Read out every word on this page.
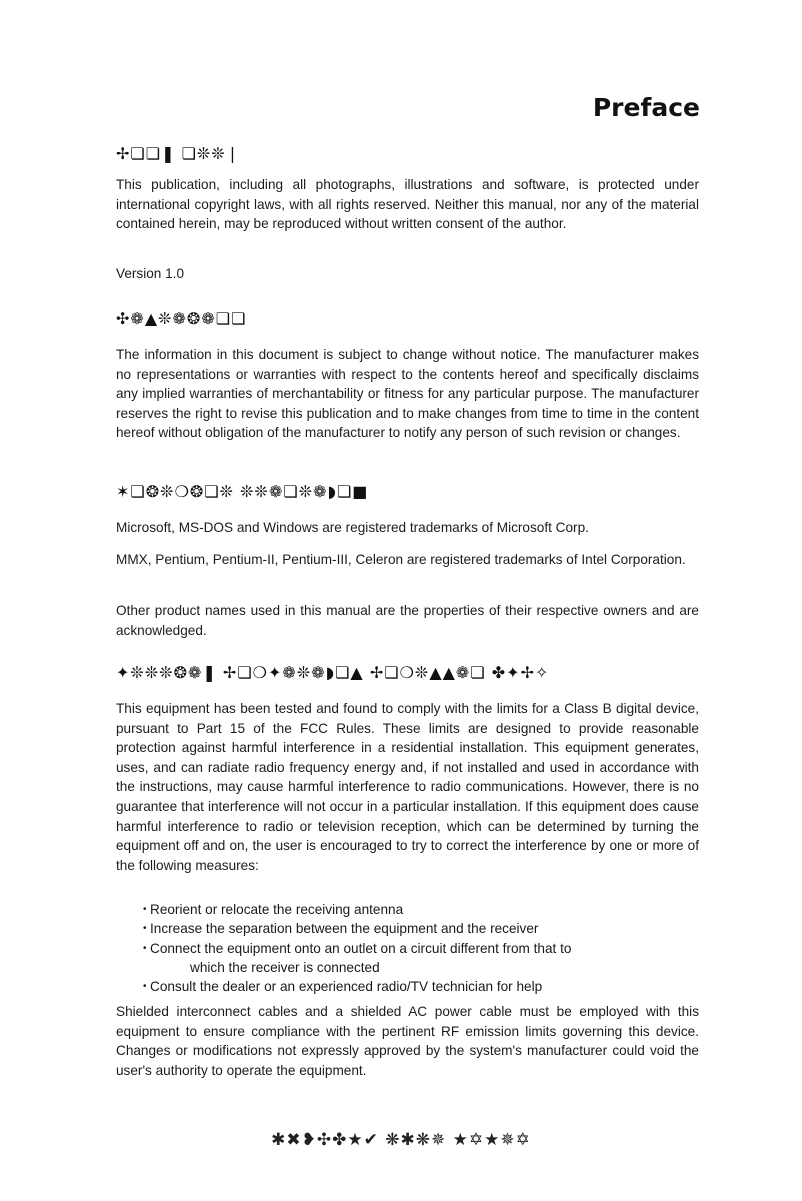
Preface
✢❏❏❚ ❏❊❊❘

This publication, including all photographs, illustrations and software, is protected under international copyright laws, with all rights reserved. Neither this manual, nor any of the material contained herein, may be reproduced without written consent of the author.

Version 1.0

✣❁▲❊❁❂❁❏❏

The information in this document is subject to change without notice. The manufacturer makes no representations or warranties with respect to the contents hereof and specifically disclaims any implied warranties of merchantability or fitness for any particular purpose. The manufacturer reserves the right to revise this publication and to make changes from time to time in the content hereof without obligation of the manufacturer to notify any person of such revision or changes.

✶❏❂❊❍❂❏❊ ❊❊❁❏❊❁◗❏■

Microsoft, MS-DOS and Windows are registered trademarks of Microsoft Corp.

MMX, Pentium, Pentium-II, Pentium-III, Celeron are registered trademarks of Intel Corporation.

Other product names used in this manual are the properties of their respective owners and are acknowledged.

✦❊❊❊❂❁❚ ✢❏❍✦❁❊❁◗❏▲ ✢❏❍❊▲▲❁❏ ✤✦✢✧

This equipment has been tested and found to comply with the limits for a Class B digital device, pursuant to Part 15 of the FCC Rules. These limits are designed to provide reasonable protection against harmful interference in a residential installation. This equipment generates, uses, and can radiate radio frequency energy and, if not installed and used in accordance with the instructions, may cause harmful interference to radio communications. However, there is no guarantee that interference will not occur in a particular installation. If this equipment does cause harmful interference to radio or television reception, which can be determined by turning the equipment off and on, the user is encouraged to try to correct the interference by one or more of the following measures:

• Reorient or relocate the receiving antenna
• Increase the separation between the equipment and the receiver
• Connect the equipment onto an outlet on a circuit different from that to
which the receiver is connected
• Consult the dealer or an experienced radio/TV technician for help

Shielded interconnect cables and a shielded AC power cable must be employed with this equipment to ensure compliance with the pertinent RF emission limits governing this device. Changes or modifications not expressly approved by the system's manufacturer could void the user's authority to operate the equipment.

✱✖❥✣✤★✔ ❋✱❋✵ ★✡★✵✡
